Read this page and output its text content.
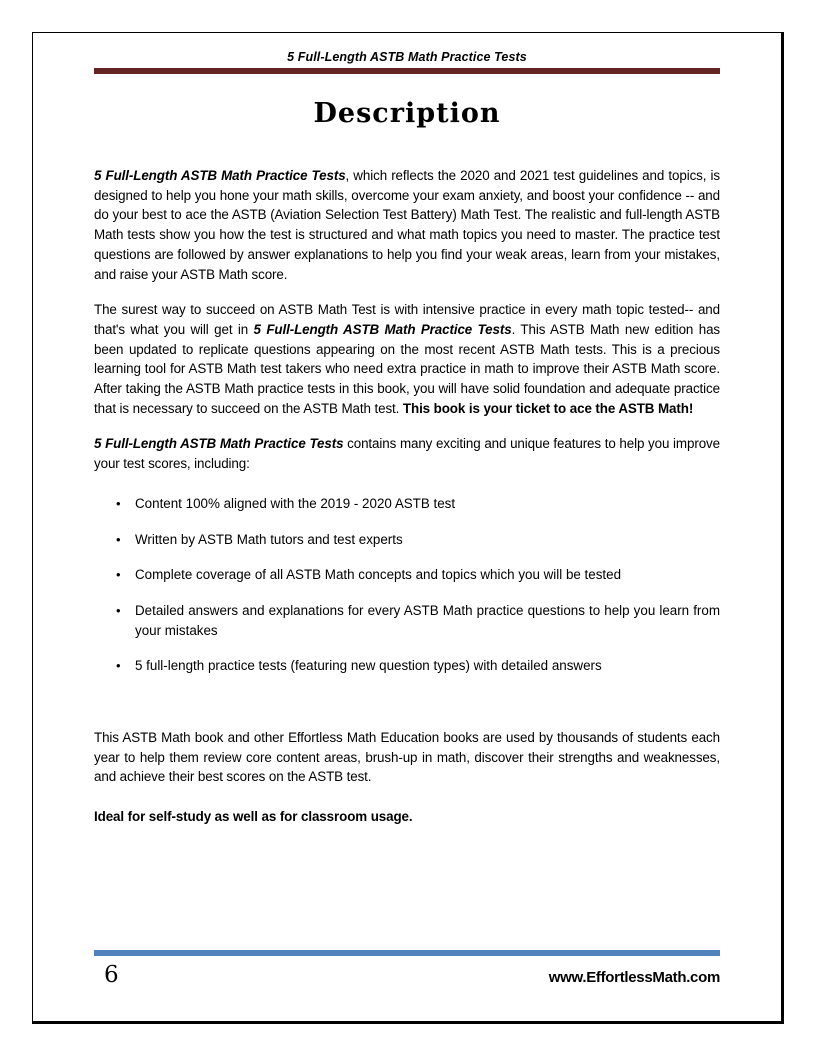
5 Full-Length ASTB Math Practice Tests
Description

5 Full-Length ASTB Math Practice Tests, which reflects the 2020 and 2021 test guidelines and topics, is designed to help you hone your math skills, overcome your exam anxiety, and boost your confidence -- and do your best to ace the ASTB (Aviation Selection Test Battery) Math Test. The realistic and full-length ASTB Math tests show you how the test is structured and what math topics you need to master. The practice test questions are followed by answer explanations to help you find your weak areas, learn from your mistakes, and raise your ASTB Math score.

The surest way to succeed on ASTB Math Test is with intensive practice in every math topic tested-- and that's what you will get in 5 Full-Length ASTB Math Practice Tests. This ASTB Math new edition has been updated to replicate questions appearing on the most recent ASTB Math tests. This is a precious learning tool for ASTB Math test takers who need extra practice in math to improve their ASTB Math score. After taking the ASTB Math practice tests in this book, you will have solid foundation and adequate practice that is necessary to succeed on the ASTB Math test. This book is your ticket to ace the ASTB Math!

5 Full-Length ASTB Math Practice Tests contains many exciting and unique features to help you improve your test scores, including:

• Content 100% aligned with the 2019 - 2020 ASTB test
• Written by ASTB Math tutors and test experts
• Complete coverage of all ASTB Math concepts and topics which you will be tested
• Detailed answers and explanations for every ASTB Math practice questions to help you learn from your mistakes
• 5 full-length practice tests (featuring new question types) with detailed answers

This ASTB Math book and other Effortless Math Education books are used by thousands of students each year to help them review core content areas, brush-up in math, discover their strengths and weaknesses, and achieve their best scores on the ASTB test.

Ideal for self-study as well as for classroom usage.

6	www.EffortlessMath.com
